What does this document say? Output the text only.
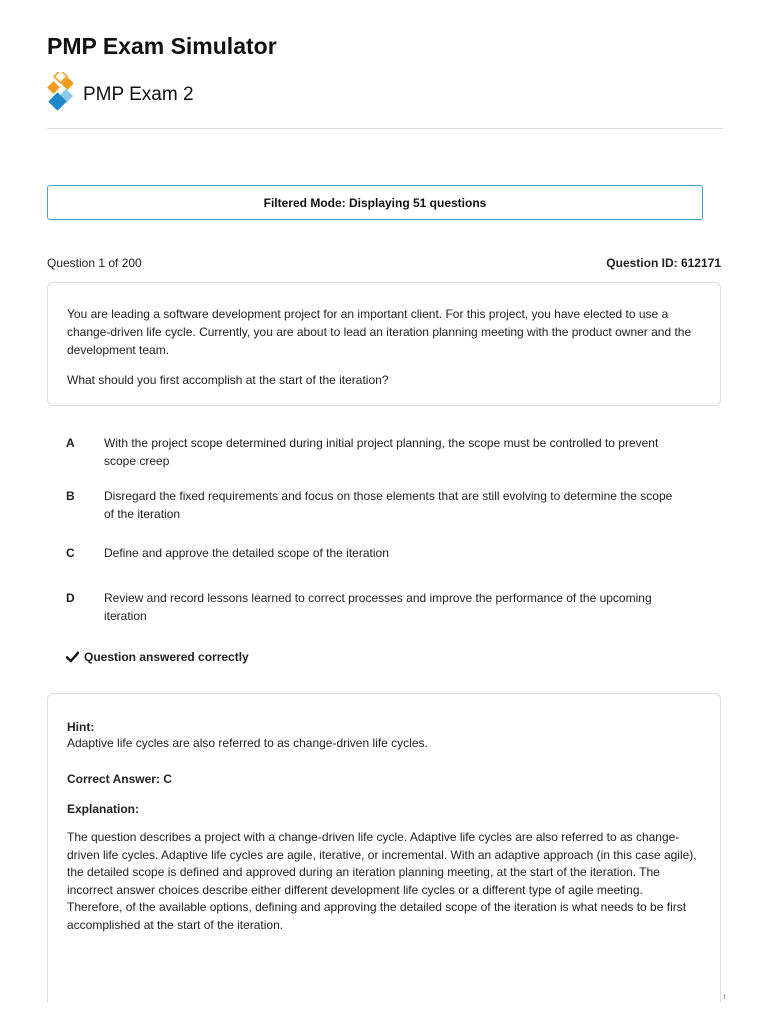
PMP Exam Simulator
PMP Exam 2
Filtered Mode: Displaying 51 questions
Question 1 of 200	Question ID: 612171

You are leading a software development project for an important client. For this project, you have elected to use a change-driven life cycle. Currently, you are about to lead an iteration planning meeting with the product owner and the development team.

What should you first accomplish at the start of the iteration?

A	With the project scope determined during initial project planning, the scope must be controlled to prevent scope creep
B	Disregard the fixed requirements and focus on those elements that are still evolving to determine the scope of the iteration
C	Define and approve the detailed scope of the iteration
D	Review and record lessons learned to correct processes and improve the performance of the upcoming iteration
Question answered correctly
Hint:
Adaptive life cycles are also referred to as change-driven life cycles.
Correct Answer: C
Explanation:
The question describes a project with a change-driven life cycle. Adaptive life cycles are also referred to as change-driven life cycles. Adaptive life cycles are agile, iterative, or incremental. With an adaptive approach (in this case agile), the detailed scope is defined and approved during an iteration planning meeting, at the start of the iteration. The incorrect answer choices describe either different development life cycles or a different type of agile meeting. Therefore, of the available options, defining and approving the detailed scope of the iteration is what needs to be first accomplished at the start of the iteration.
